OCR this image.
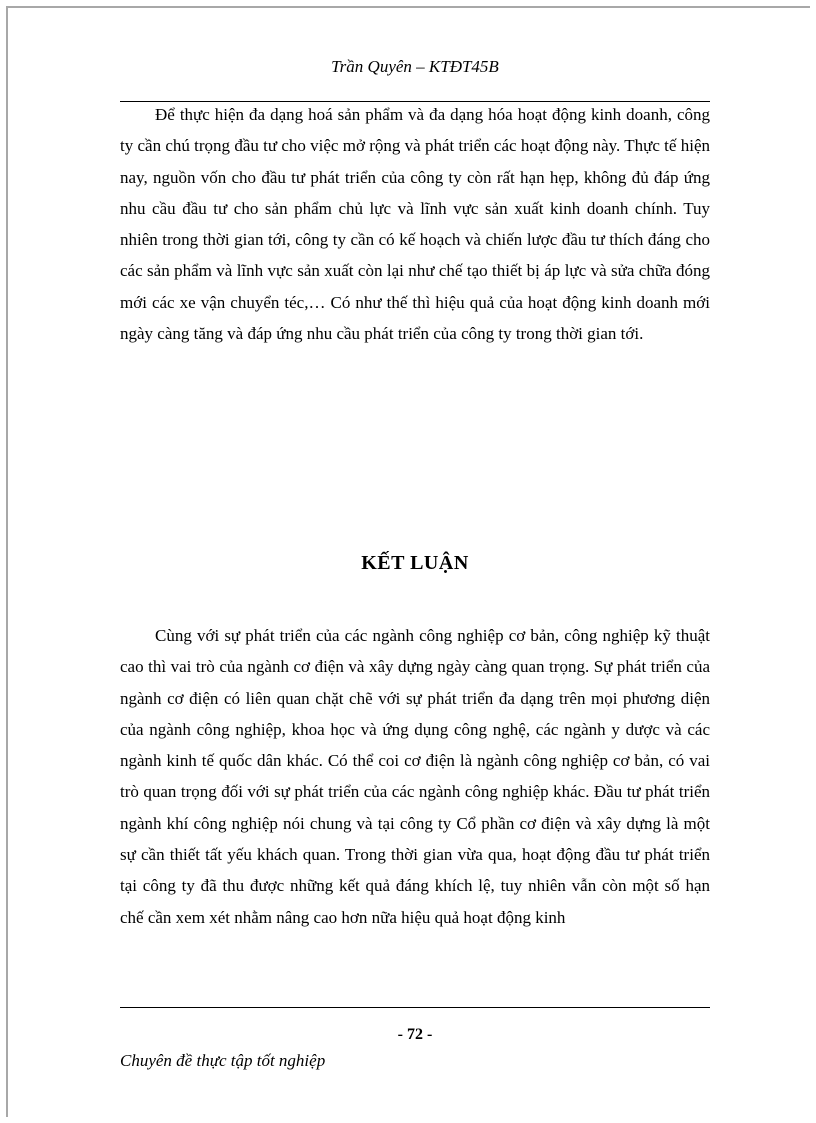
Trần Quyên – KTĐT45B

Để thực hiện đa dạng hoá sản phẩm và đa dạng hóa hoạt động kinh doanh, công ty cần chú trọng đầu tư cho việc mở rộng và phát triển các hoạt động này. Thực tế hiện nay, nguồn vốn cho đầu tư phát triển của công ty còn rất hạn hẹp, không đủ đáp ứng nhu cầu đầu tư cho sản phẩm chủ lực và lĩnh vực sản xuất kinh doanh chính. Tuy nhiên trong thời gian tới, công ty cần có kế hoạch và chiến lược đầu tư thích đáng cho các sản phẩm và lĩnh vực sản xuất còn lại như chế tạo thiết bị áp lực và sửa chữa đóng mới các xe vận chuyển téc,… Có như thế thì hiệu quả của hoạt động kinh doanh mới ngày càng tăng và đáp ứng nhu cầu phát triển của công ty trong thời gian tới.

KẾT LUẬN

Cùng với sự phát triển của các ngành công nghiệp cơ bản, công nghiệp kỹ thuật cao thì vai trò của ngành cơ điện và xây dựng ngày càng quan trọng. Sự phát triển của ngành cơ điện có liên quan chặt chẽ với sự phát triển đa dạng trên mọi phương diện của ngành công nghiệp, khoa học và ứng dụng công nghệ, các ngành y dược và các ngành kinh tế quốc dân khác. Có thể coi cơ điện là ngành công nghiệp cơ bản, có vai trò quan trọng đối với sự phát triển của các ngành công nghiệp khác. Đầu tư phát triển ngành khí công nghiệp nói chung và tại công ty Cổ phần cơ điện và xây dựng là một sự cần thiết tất yếu khách quan. Trong thời gian vừa qua, hoạt động đầu tư phát triển tại công ty đã thu được những kết quả đáng khích lệ, tuy nhiên vẫn còn một số hạn chế cần xem xét nhằm nâng cao hơn nữa hiệu quả hoạt động kinh

- 72 -
Chuyên đề thực tập tốt nghiệp
